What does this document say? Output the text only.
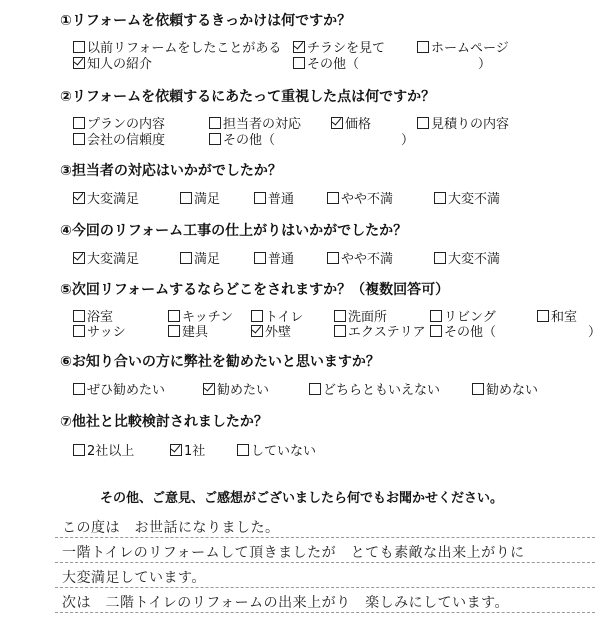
①リフォームを依頼するきっかけは何ですか？
以前リフォームをしたことがある	チラシを見て	ホームページ
知人の紹介	その他（	）
②リフォームを依頼するにあたって重視した点は何ですか？
プランの内容	担当者の対応	価格	見積りの内容
会社の信頼度	その他（	）
③担当者の対応はいかがでしたか？
大変満足	満足	普通	やや不満	大変不満
④今回のリフォーム工事の仕上がりはいかがでしたか？
大変満足	満足	普通	やや不満	大変不満
⑤次回リフォームするならどこをされますか？（複数回答可）
浴室	キッチン	トイレ	洗面所	リビング	和室
サッシ	建具	外壁	エクステリア	その他（	）
⑥お知り合いの方に弊社を勧めたいと思いますか？
ぜひ勧めたい	勧めたい	どちらともいえない	勧めない
⑦他社と比較検討されましたか？
2社以上	1社	していない
その他、ご意見、ご感想がございましたら何でもお聞かせください。
この度は　お世話になりました。
一階トイレのリフォームして頂きましたが　とても素敵な出来上がりに
大変満足しています。
次は　二階トイレのリフォームの出来上がり　楽しみにしています。
